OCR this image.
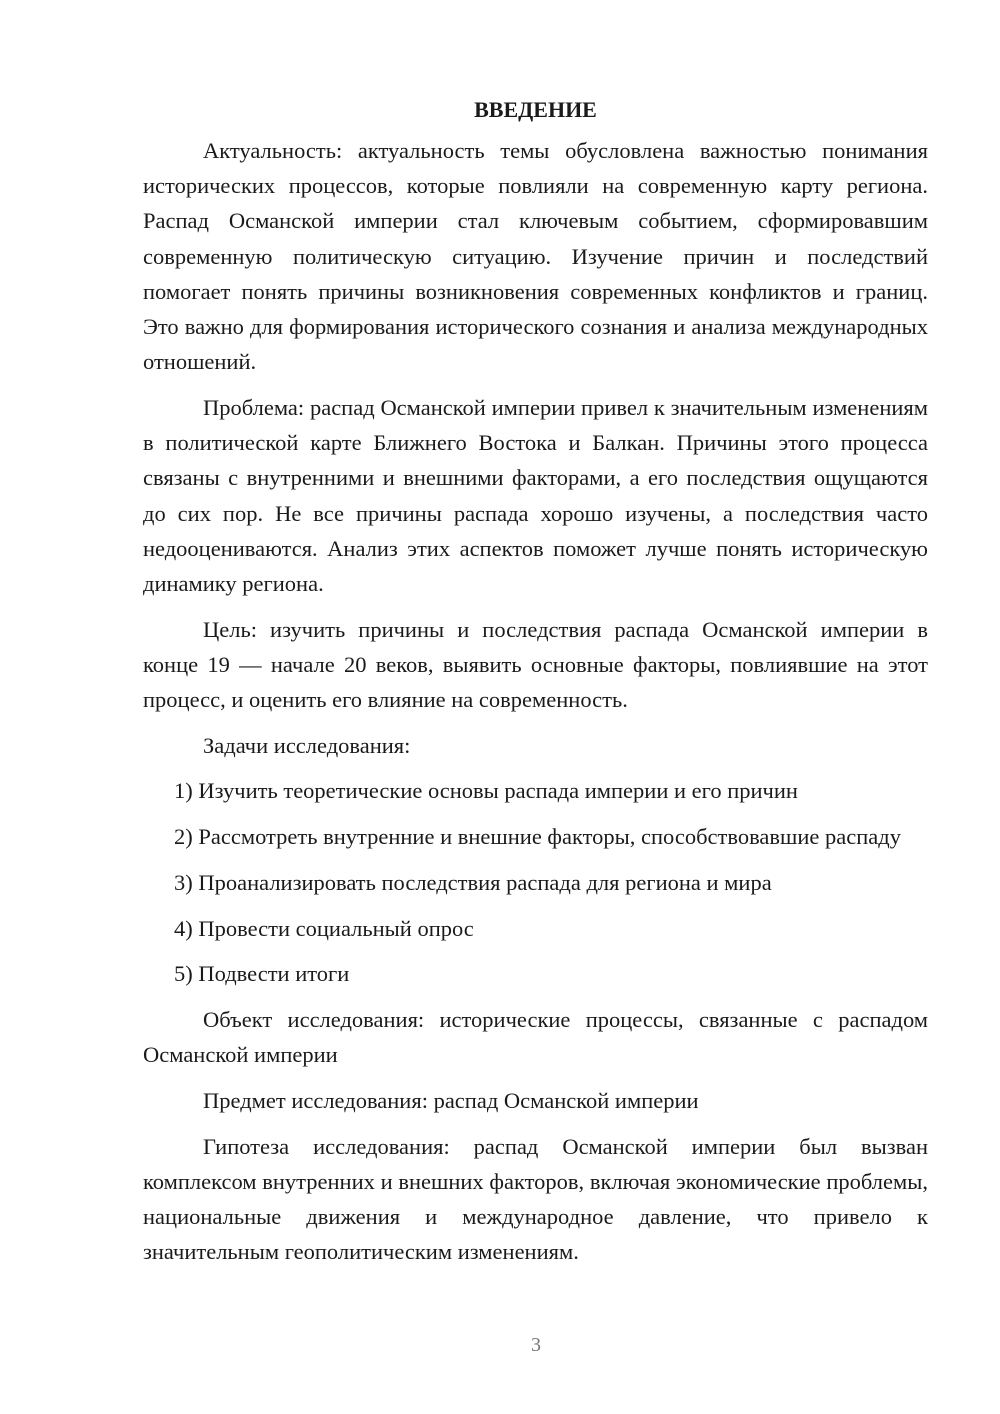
ВВЕДЕНИЕ

Актуальность: актуальность темы обусловлена важностью понимания исторических процессов, которые повлияли на современную карту региона. Распад Османской империи стал ключевым событием, сформировавшим современную политическую ситуацию. Изучение причин и последствий помогает понять причины возникновения современных конфликтов и границ. Это важно для формирования исторического сознания и анализа международных отношений.

Проблема: распад Османской империи привел к значительным изменениям в политической карте Ближнего Востока и Балкан. Причины этого процесса связаны с внутренними и внешними факторами, а его последствия ощущаются до сих пор. Не все причины распада хорошо изучены, а последствия часто недооцениваются. Анализ этих аспектов поможет лучше понять историческую динамику региона.

Цель: изучить причины и последствия распада Османской империи в конце 19 — начале 20 веков, выявить основные факторы, повлиявшие на этот процесс, и оценить его влияние на современность.

Задачи исследования:

1) Изучить теоретические основы распада империи и его причин

2) Рассмотреть внутренние и внешние факторы, способствовавшие распаду

3) Проанализировать последствия распада для региона и мира

4) Провести социальный опрос

5) Подвести итоги

Объект исследования: исторические процессы, связанные с распадом Османской империи

Предмет исследования: распад Османской империи

Гипотеза исследования: распад Османской империи был вызван комплексом внутренних и внешних факторов, включая экономические проблемы, национальные движения и международное давление, что привело к значительным геополитическим изменениям.

3
